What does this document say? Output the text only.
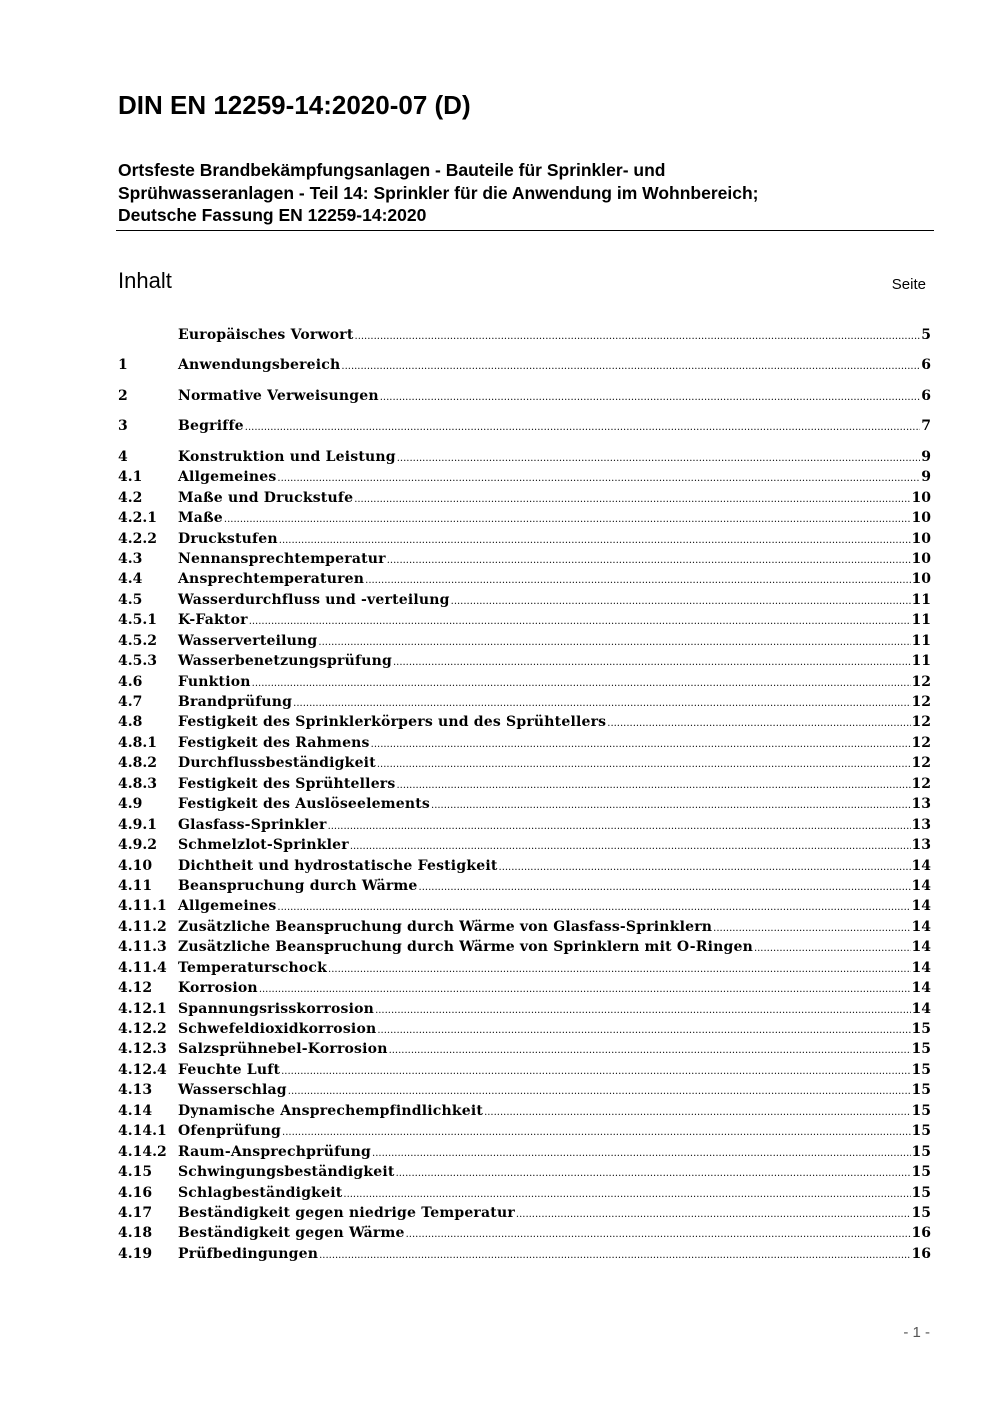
DIN EN 12259-14:2020-07 (D)
Ortsfeste Brandbekämpfungsanlagen - Bauteile für Sprinkler- und
Sprühwasseranlagen - Teil 14: Sprinkler für die Anwendung im Wohnbereich;
Deutsche Fassung EN 12259-14:2020
Inhalt	Seite
Europäisches Vorwort .....	5
1	Anwendungsbereich .....	6
2	Normative Verweisungen .....	6
3	Begriffe .....	7
4	Konstruktion und Leistung .....	9
4.1	Allgemeines .....	9
4.2	Maße und Druckstufe .....	10
4.2.1	Maße .....	10
4.2.2	Druckstufen .....	10
4.3	Nennansprechtemperatur .....	10
4.4	Ansprechtemperaturen .....	10
4.5	Wasserdurchfluss und -verteilung .....	11
4.5.1	K-Faktor .....	11
4.5.2	Wasserverteilung .....	11
4.5.3	Wasserbenetzungsprüfung .....	11
4.6	Funktion .....	12
4.7	Brandprüfung .....	12
4.8	Festigkeit des Sprinklerkörpers und des Sprühtellers .....	12
4.8.1	Festigkeit des Rahmens .....	12
4.8.2	Durchflussbeständigkeit .....	12
4.8.3	Festigkeit des Sprühtellers .....	12
4.9	Festigkeit des Auslöseelements .....	13
4.9.1	Glasfass-Sprinkler .....	13
4.9.2	Schmelzlot-Sprinkler .....	13
4.10	Dichtheit und hydrostatische Festigkeit .....	14
4.11	Beanspruchung durch Wärme .....	14
4.11.1 Allgemeines .....	14
4.11.2 Zusätzliche Beanspruchung durch Wärme von Glasfass-Sprinklern .....	14
4.11.3 Zusätzliche Beanspruchung durch Wärme von Sprinklern mit O-Ringen .....	14
4.11.4 Temperaturschock .....	14
4.12	Korrosion .....	14
4.12.1 Spannungsrisskorrosion .....	14
4.12.2 Schwefeldioxidkorrosion .....	15
4.12.3 Salzsprühnebel-Korrosion .....	15
4.12.4 Feuchte Luft .....	15
4.13	Wasserschlag .....	15
4.14	Dynamische Ansprechempfindlichkeit .....	15
4.14.1 Ofenprüfung .....	15
4.14.2 Raum-Ansprechprüfung .....	15
4.15	Schwingungsbeständigkeit .....	15
4.16	Schlagbeständigkeit .....	15
4.17	Beständigkeit gegen niedrige Temperatur .....	15
4.18	Beständigkeit gegen Wärme .....	16
4.19	Prüfbedingungen .....	16
- 1 -
